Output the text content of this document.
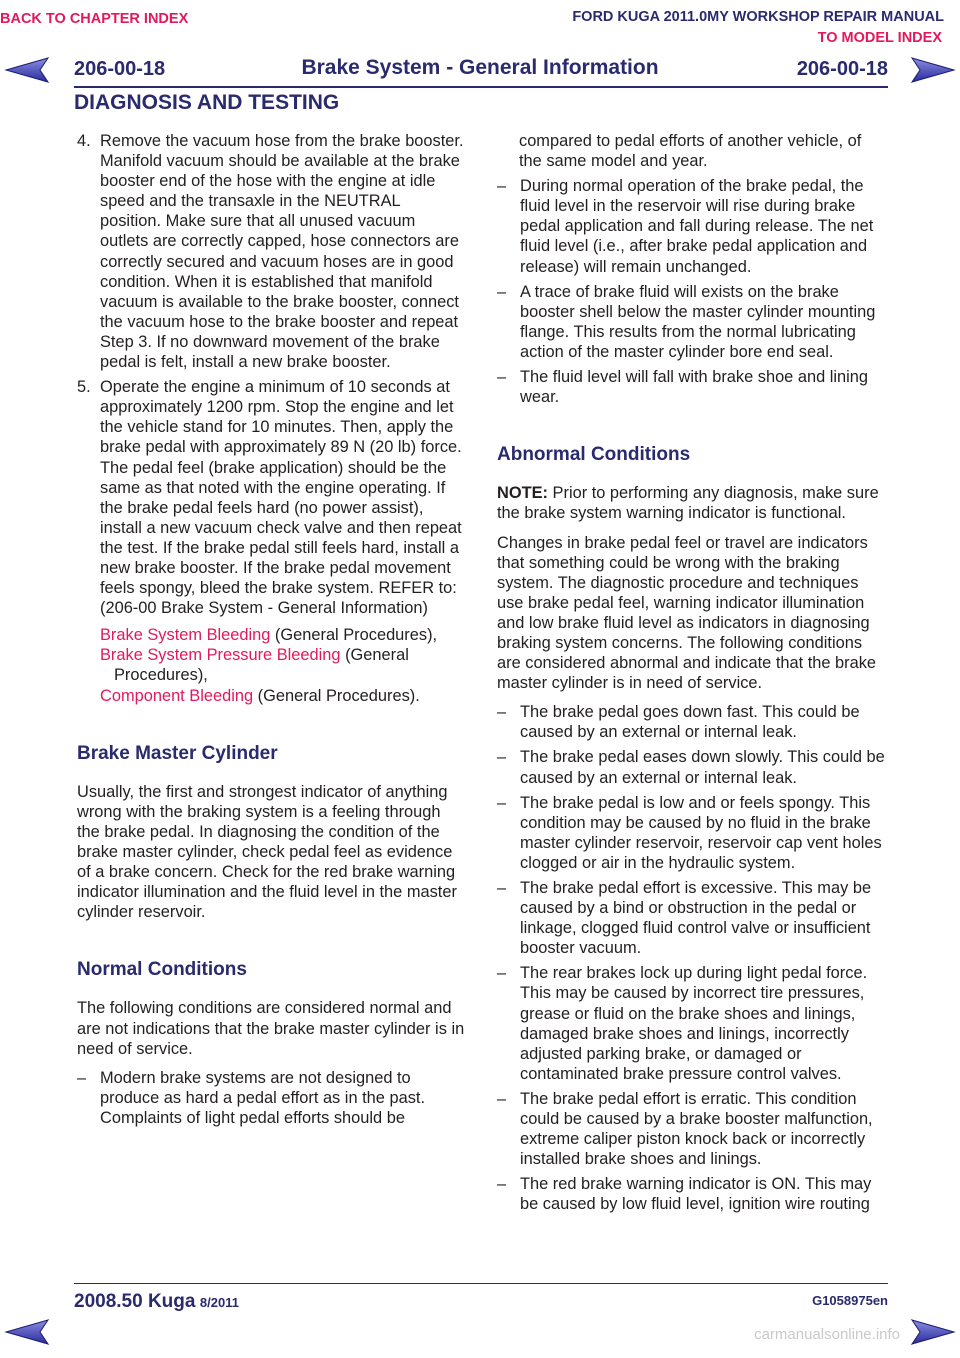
BACK TO CHAPTER INDEX	FORD KUGA 2011.0MY WORKSHOP REPAIR MANUAL
TO MODEL INDEX
206-00-18	Brake System - General Information	206-00-18
DIAGNOSIS AND TESTING
4. Remove the vacuum hose from the brake booster. Manifold vacuum should be available at the brake booster end of the hose with the engine at idle speed and the transaxle in the NEUTRAL position. Make sure that all unused vacuum outlets are correctly capped, hose connectors are correctly secured and vacuum hoses are in good condition. When it is established that manifold vacuum is available to the brake booster, connect the vacuum hose to the brake booster and repeat Step 3. If no downward movement of the brake pedal is felt, install a new brake booster.
5. Operate the engine a minimum of 10 seconds at approximately 1200 rpm. Stop the engine and let the vehicle stand for 10 minutes. Then, apply the brake pedal with approximately 89 N (20 lb) force. The pedal feel (brake application) should be the same as that noted with the engine operating. If the brake pedal feels hard (no power assist), install a new vacuum check valve and then repeat the test. If the brake pedal still feels hard, install a new brake booster. If the brake pedal movement feels spongy, bleed the brake system. REFER to: (206-00 Brake System - General Information)
Brake System Bleeding (General Procedures),
Brake System Pressure Bleeding (General
Procedures),
Component Bleeding (General Procedures).
Brake Master Cylinder

Usually, the first and strongest indicator of anything wrong with the braking system is a feeling through the brake pedal. In diagnosing the condition of the brake master cylinder, check pedal feel as evidence of a brake concern. Check for the red brake warning indicator illumination and the fluid level in the master cylinder reservoir.

Normal Conditions

The following conditions are considered normal and are not indications that the brake master cylinder is in need of service.

– Modern brake systems are not designed to produce as hard a pedal effort as in the past. Complaints of light pedal efforts should be
compared to pedal efforts of another vehicle, of the same model and year.
– During normal operation of the brake pedal, the fluid level in the reservoir will rise during brake pedal application and fall during release. The net fluid level (i.e., after brake pedal application and release) will remain unchanged.
– A trace of brake fluid will exists on the brake booster shell below the master cylinder mounting flange. This results from the normal lubricating action of the master cylinder bore end seal.
– The fluid level will fall with brake shoe and lining wear.
Abnormal Conditions

NOTE: Prior to performing any diagnosis, make sure the brake system warning indicator is functional.

Changes in brake pedal feel or travel are indicators that something could be wrong with the braking system. The diagnostic procedure and techniques use brake pedal feel, warning indicator illumination and low brake fluid level as indicators in diagnosing braking system concerns. The following conditions are considered abnormal and indicate that the brake master cylinder is in need of service.

– The brake pedal goes down fast. This could be caused by an external or internal leak.
– The brake pedal eases down slowly. This could be caused by an external or internal leak.
– The brake pedal is low and or feels spongy. This condition may be caused by no fluid in the brake master cylinder reservoir, reservoir cap vent holes clogged or air in the hydraulic system.
– The brake pedal effort is excessive. This may be caused by a bind or obstruction in the pedal or linkage, clogged fluid control valve or insufficient booster vacuum.
– The rear brakes lock up during light pedal force. This may be caused by incorrect tire pressures, grease or fluid on the brake shoes and linings, damaged brake shoes and linings, incorrectly adjusted parking brake, or damaged or contaminated brake pressure control valves.
– The brake pedal effort is erratic. This condition could be caused by a brake booster malfunction, extreme caliper piston knock back or incorrectly installed brake shoes and linings.
– The red brake warning indicator is ON. This may be caused by low fluid level, ignition wire routing
2008.50 Kuga 8/2011	G1058975en
carmanualsonline.info
